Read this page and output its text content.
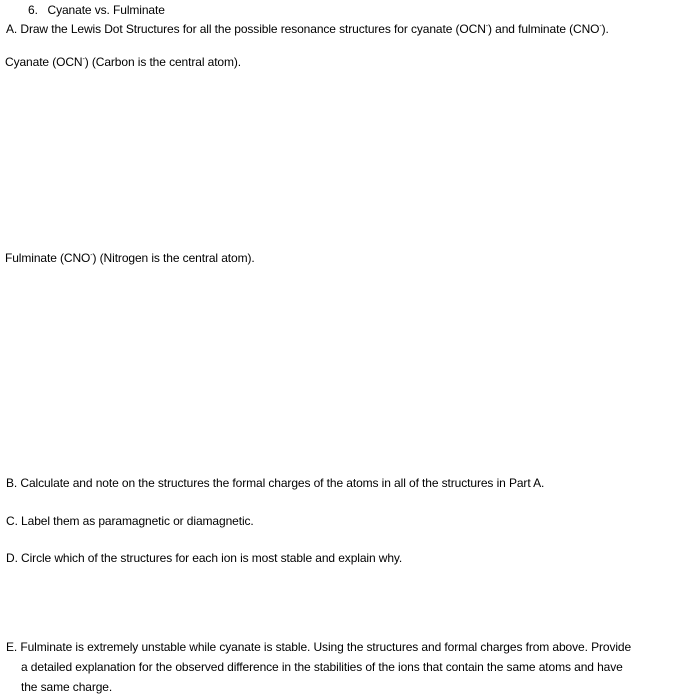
6. Cyanate vs. Fulminate
A. Draw the Lewis Dot Structures for all the possible resonance structures for cyanate (OCN-) and fulminate (CNO-).
Cyanate (OCN-) (Carbon is the central atom).
Fulminate (CNO-) (Nitrogen is the central atom).
B. Calculate and note on the structures the formal charges of the atoms in all of the structures in Part A.
C. Label them as paramagnetic or diamagnetic.
D. Circle which of the structures for each ion is most stable and explain why.
E. Fulminate is extremely unstable while cyanate is stable. Using the structures and formal charges from above. Provide
a detailed explanation for the observed difference in the stabilities of the ions that contain the same atoms and have
the same charge.
